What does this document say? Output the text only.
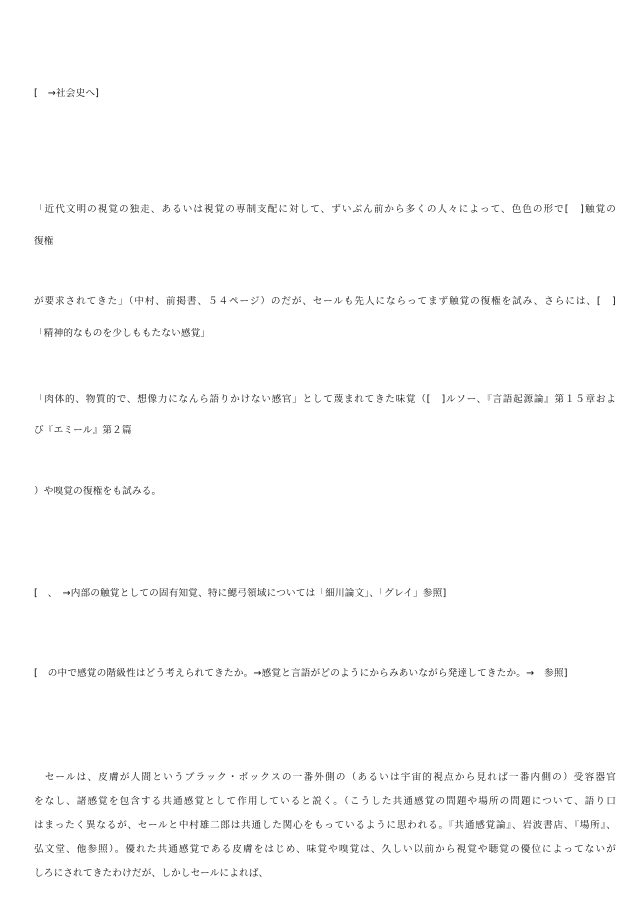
[　→社会史へ]
「近代文明の視覚の独走、あるいは視覚の専制支配に対して、ずいぶん前から多くの人々によって、色色の形で[　]触覚の
復権
が要求されてきた」（中村、前掲書、５４ページ）のだが、セールも先人にならってまず触覚の復権を試み、さらには、[　]
「精神的なものを少しももたない感覚」
「肉体的、物質的で、想像力になんら語りかけない感官」として蔑まれてきた味覚（[　]ルソー、『言語起源論』第１５章およ
び『エミール』第２篇
）や嗅覚の復権をも試みる。
[　、　→内部の触覚としての固有知覚、特に鰓弓領域については「細川論文」、「グレイ」参照]
[　の中で感覚の階級性はどう考えられてきたか。→感覚と言語がどのようにからみあいながら発達してきたか。→　参照]
　セールは、皮膚が人間というブラック・ボックスの一番外側の（あるいは宇宙的視点から見れば一番内側の）受容器官
をなし、諸感覚を包含する共通感覚として作用していると説く。（こうした共通感覚の問題や場所の問題について、語り口
はまったく異なるが、セールと中村雄二郎は共通した関心をもっているように思われる。『共通感覚論』、岩波書店、『場所』、
弘文堂、他参照）。優れた共通感覚である皮膚をはじめ、味覚や嗅覚は、久しい以前から視覚や聴覚の優位によってないが
しろにされてきたわけだが、しかしセールによれば、
